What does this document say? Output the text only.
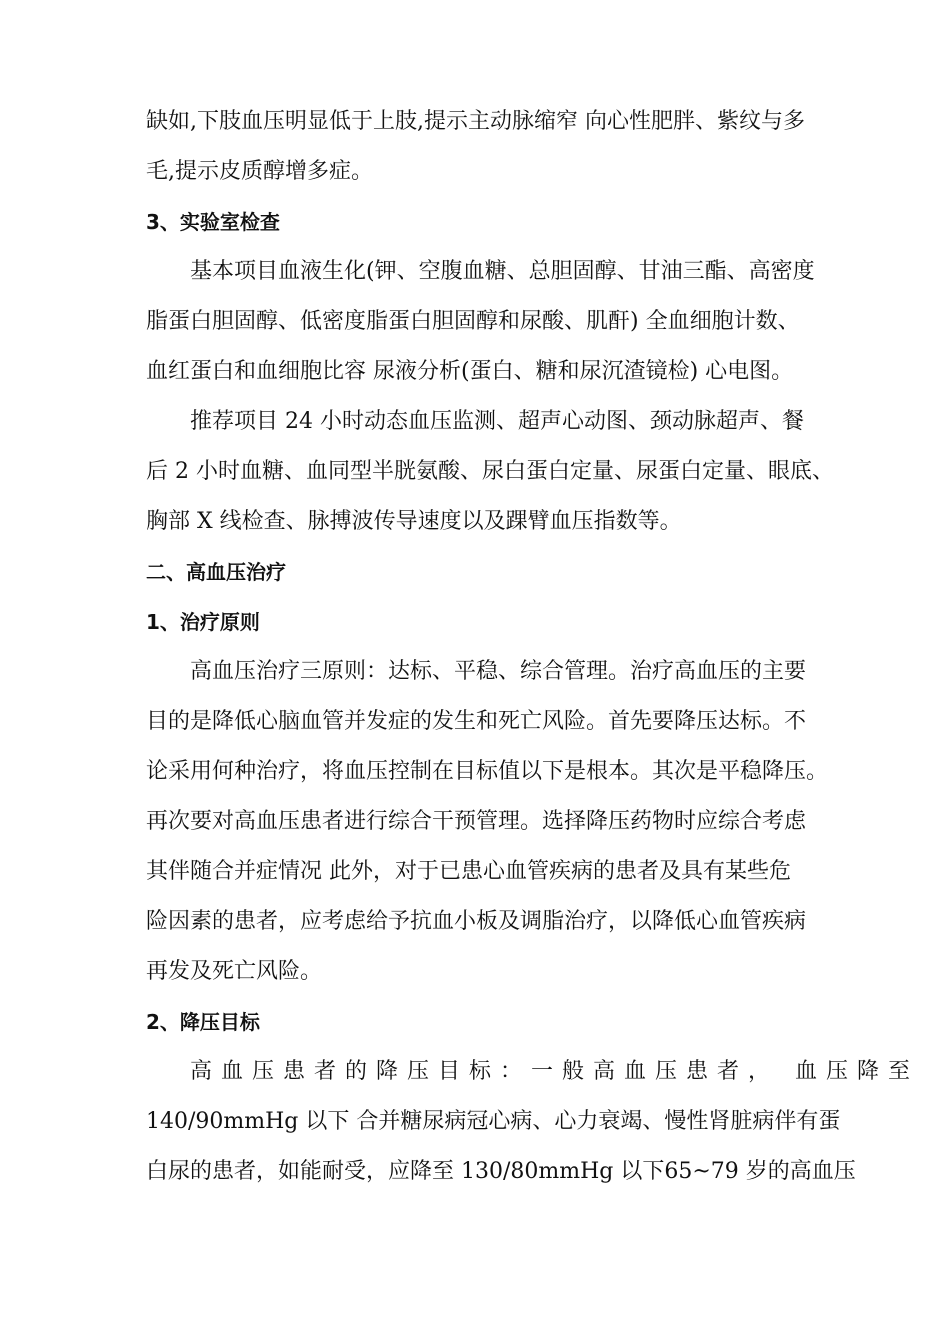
缺如,下肢血压明显低于上肢,提示主动脉缩窄 向心性肥胖、紫纹与多
毛,提示皮质醇增多症。
3、实验室检查
基本项目血液生化(钾、空腹血糖、总胆固醇、甘油三酯、高密度
脂蛋白胆固醇、低密度脂蛋白胆固醇和尿酸、肌酐) 全血细胞计数、
血红蛋白和血细胞比容 尿液分析(蛋白、糖和尿沉渣镜检) 心电图。
推荐项目 24 小时动态血压监测、超声心动图、颈动脉超声、餐
后 2 小时血糖、血同型半胱氨酸、尿白蛋白定量、尿蛋白定量、眼底、
胸部 X 线检查、脉搏波传导速度以及踝臂血压指数等。
二、高血压治疗
1、治疗原则
高血压治疗三原则：达标、平稳、综合管理。治疗高血压的主要
目的是降低心脑血管并发症的发生和死亡风险。首先要降压达标。不
论采用何种治疗，将血压控制在目标值以下是根本。其次是平稳降压。
再次要对高血压患者进行综合干预管理。选择降压药物时应综合考虑
其伴随合并症情况 此外，对于已患心血管疾病的患者及具有某些危
险因素的患者，应考虑给予抗血小板及调脂治疗，以降低心血管疾病
再发及死亡风险。
2、降压目标
高血压患者的降压目标：一般高血压患者， 血压降至
140/90mmHg 以下 合并糖尿病冠心病、心力衰竭、慢性肾脏病伴有蛋
白尿的患者，如能耐受，应降至 130/80mmHg 以下65~79 岁的高血压
